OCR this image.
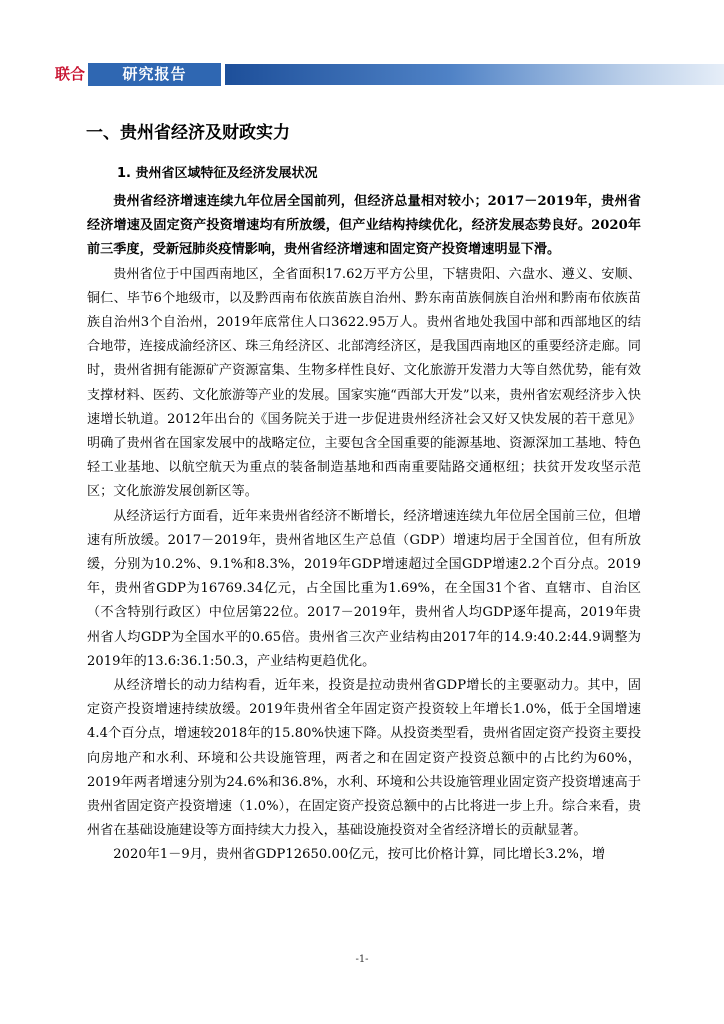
联合	研究报告
一、贵州省经济及财政实力
1. 贵州省区域特征及经济发展状况

贵州省经济增速连续九年位居全国前列，但经济总量相对较小；2017－2019年，贵州省经济增速及固定资产投资增速均有所放缓，但产业结构持续优化，经济发展态势良好。2020年前三季度，受新冠肺炎疫情影响，贵州省经济增速和固定资产投资增速明显下滑。

贵州省位于中国西南地区，全省面积17.62万平方公里，下辖贵阳、六盘水、遵义、安顺、铜仁、毕节6个地级市，以及黔西南布依族苗族自治州、黔东南苗族侗族自治州和黔南布依族苗族自治州3个自治州，2019年底常住人口3622.95万人。贵州省地处我国中部和西部地区的结合地带，连接成渝经济区、珠三角经济区、北部湾经济区，是我国西南地区的重要经济走廊。同时，贵州省拥有能源矿产资源富集、生物多样性良好、文化旅游开发潜力大等自然优势，能有效支撑材料、医药、文化旅游等产业的发展。国家实施“西部大开发”以来，贵州省宏观经济步入快速增长轨道。2012年出台的《国务院关于进一步促进贵州经济社会又好又快发展的若干意见》明确了贵州省在国家发展中的战略定位，主要包含全国重要的能源基地、资源深加工基地、特色轻工业基地、以航空航天为重点的装备制造基地和西南重要陆路交通枢纽；扶贫开发攻坚示范区；文化旅游发展创新区等。

从经济运行方面看，近年来贵州省经济不断增长，经济增速连续九年位居全国前三位，但增速有所放缓。2017－2019年，贵州省地区生产总值（GDP）增速均居于全国首位，但有所放缓，分别为10.2%、9.1%和8.3%，2019年GDP增速超过全国GDP增速2.2个百分点。2019年，贵州省GDP为16769.34亿元，占全国比重为1.69%，在全国31个省、直辖市、自治区（不含特别行政区）中位居第22位。2017－2019年，贵州省人均GDP逐年提高，2019年贵州省人均GDP为全国水平的0.65倍。贵州省三次产业结构由2017年的14.9:40.2:44.9调整为2019年的13.6:36.1:50.3，产业结构更趋优化。

从经济增长的动力结构看，近年来，投资是拉动贵州省GDP增长的主要驱动力。其中，固定资产投资增速持续放缓。2019年贵州省全年固定资产投资较上年增长1.0%，低于全国增速4.4个百分点，增速较2018年的15.80%快速下降。从投资类型看，贵州省固定资产投资主要投向房地产和水利、环境和公共设施管理，两者之和在固定资产投资总额中的占比约为60%，2019年两者增速分别为24.6%和36.8%，水利、环境和公共设施管理业固定资产投资增速高于贵州省固定资产投资增速（1.0%），在固定资产投资总额中的占比将进一步上升。综合来看，贵州省在基础设施建设等方面持续大力投入，基础设施投资对全省经济增长的贡献显著。

2020年1－9月，贵州省GDP12650.00亿元，按可比价格计算，同比增长3.2%，增

-1-
